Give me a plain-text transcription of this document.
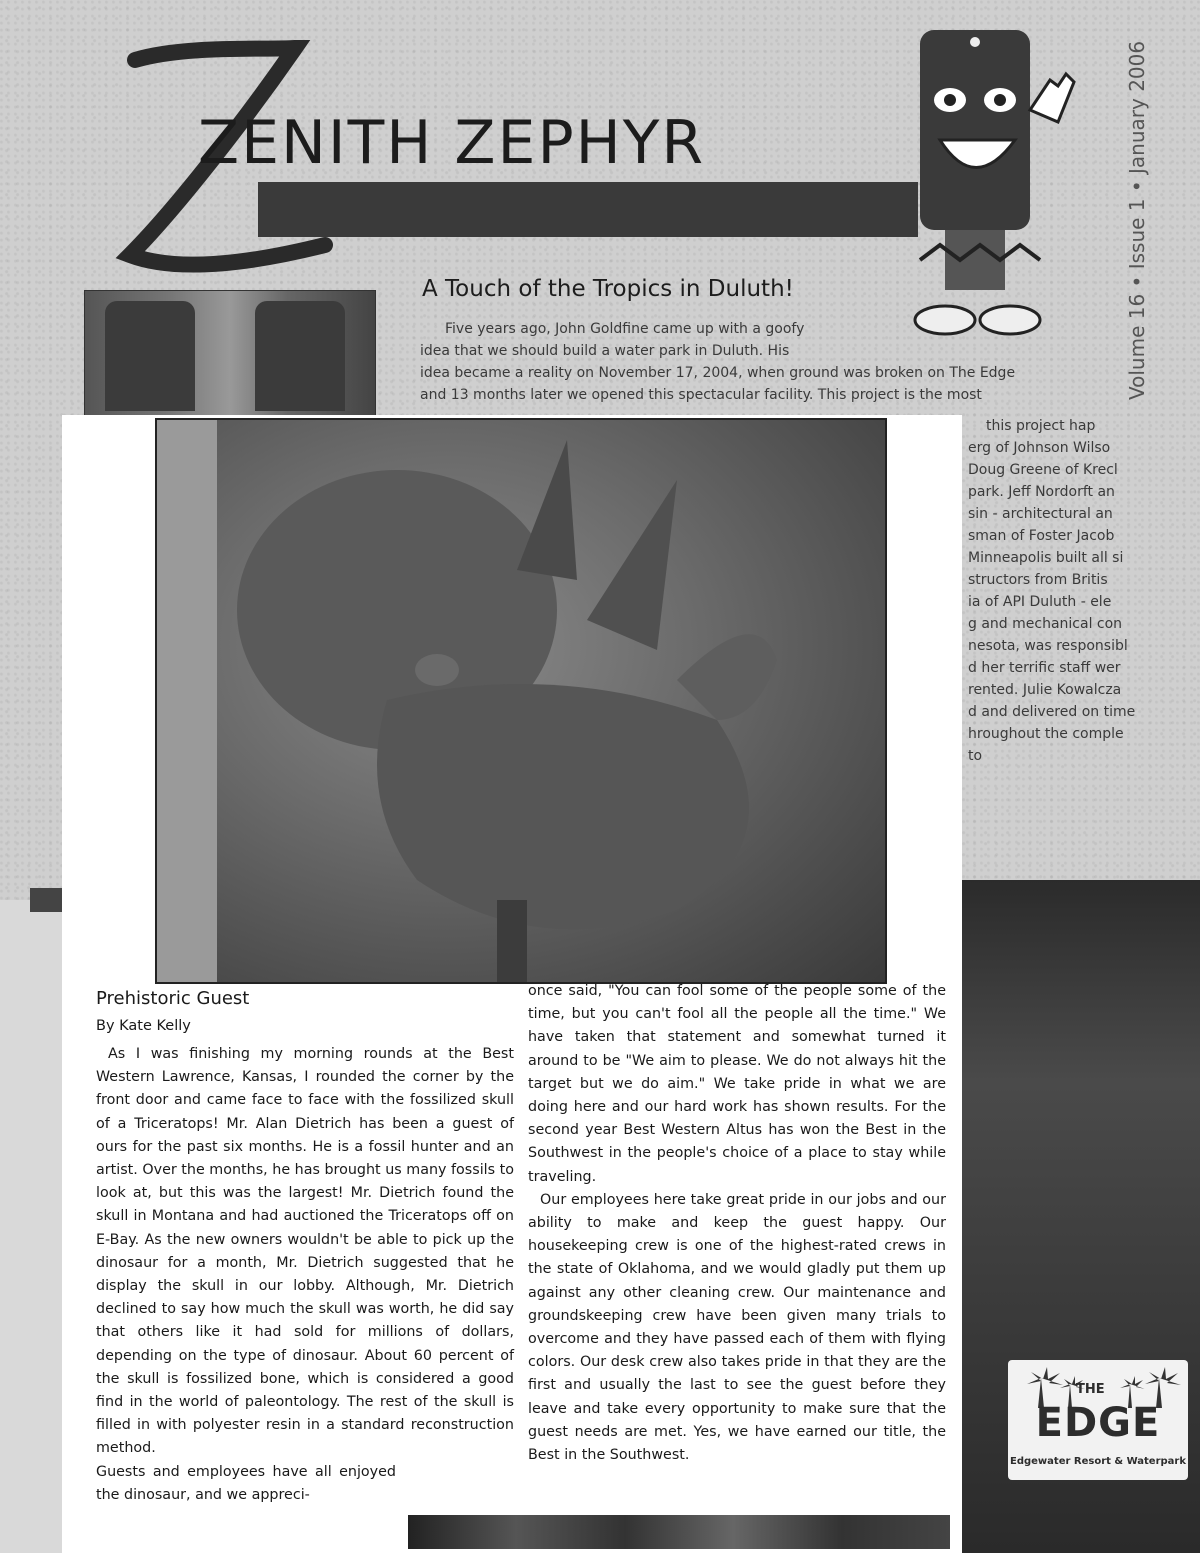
ZENITH ZEPHYR	Volume 16 • Issue 1 • January 2006
A Touch of the Tropics in Duluth!
Five years ago, John Goldfine came up with a goofy
idea that we should build a water park in Duluth. His
idea became a reality on November 17, 2004, when ground was broken on The Edge
and 13 months later we opened this spectacular facility. This project is the most
this project hap
erg of Johnson Wilso
Doug Greene of Krecl
park. Jeff Nordorft an
sin - architectural an
sman of Foster Jacob
Minneapolis built all si
structors from Britis
ia of API Duluth - ele
g and mechanical con
nesota, was responsibl
d her terrific staff wer
rented. Julie Kowalcza
d and delivered on time
hroughout the comple
to
Prehistoric Guest

By Kate Kelly

As I was finishing my morning rounds at the Best Western Lawrence, Kansas, I rounded the corner by the front door and came face to face with the fossilized skull of a Triceratops! Mr. Alan Dietrich has been a guest of ours for the past six months. He is a fossil hunter and an artist. Over the months, he has brought us many fossils to look at, but this was the largest! Mr. Dietrich found the skull in Montana and had auctioned the Triceratops off on E-Bay. As the new owners wouldn't be able to pick up the dinosaur for a month, Mr. Dietrich suggested that he display the skull in our lobby. Although, Mr. Dietrich declined to say how much the skull was worth, he did say that others like it had sold for millions of dollars, depending on the type of dinosaur. About 60 percent of the skull is fossilized bone, which is considered a good find in the world of paleontology. The rest of the skull is filled in with polyester resin in a standard reconstruction method.

Guests and employees have all enjoyed the dinosaur, and we appreci-

once said, "You can fool some of the people some of the time, but you can't fool all the people all the time." We have taken that statement and somewhat turned it around to be "We aim to please. We do not always hit the target but we do aim." We take pride in what we are doing here and our hard work has shown results. For the second year Best Western Altus has won the Best in the Southwest in the people's choice of a place to stay while traveling.

Our employees here take great pride in our jobs and our ability to make and keep the guest happy. Our housekeeping crew is one of the highest-rated crews in the state of Oklahoma, and we would gladly put them up against any other cleaning crew. Our maintenance and groundskeeping crew have been given many trials to overcome and they have passed each of them with flying colors. Our desk crew also takes pride in that they are the first and usually the last to see the guest before they leave and take every opportunity to make sure that the guest needs are met. Yes, we have earned our title, the Best in the Southwest.

THE
EDGE
Edgewater Resort & Waterpark
